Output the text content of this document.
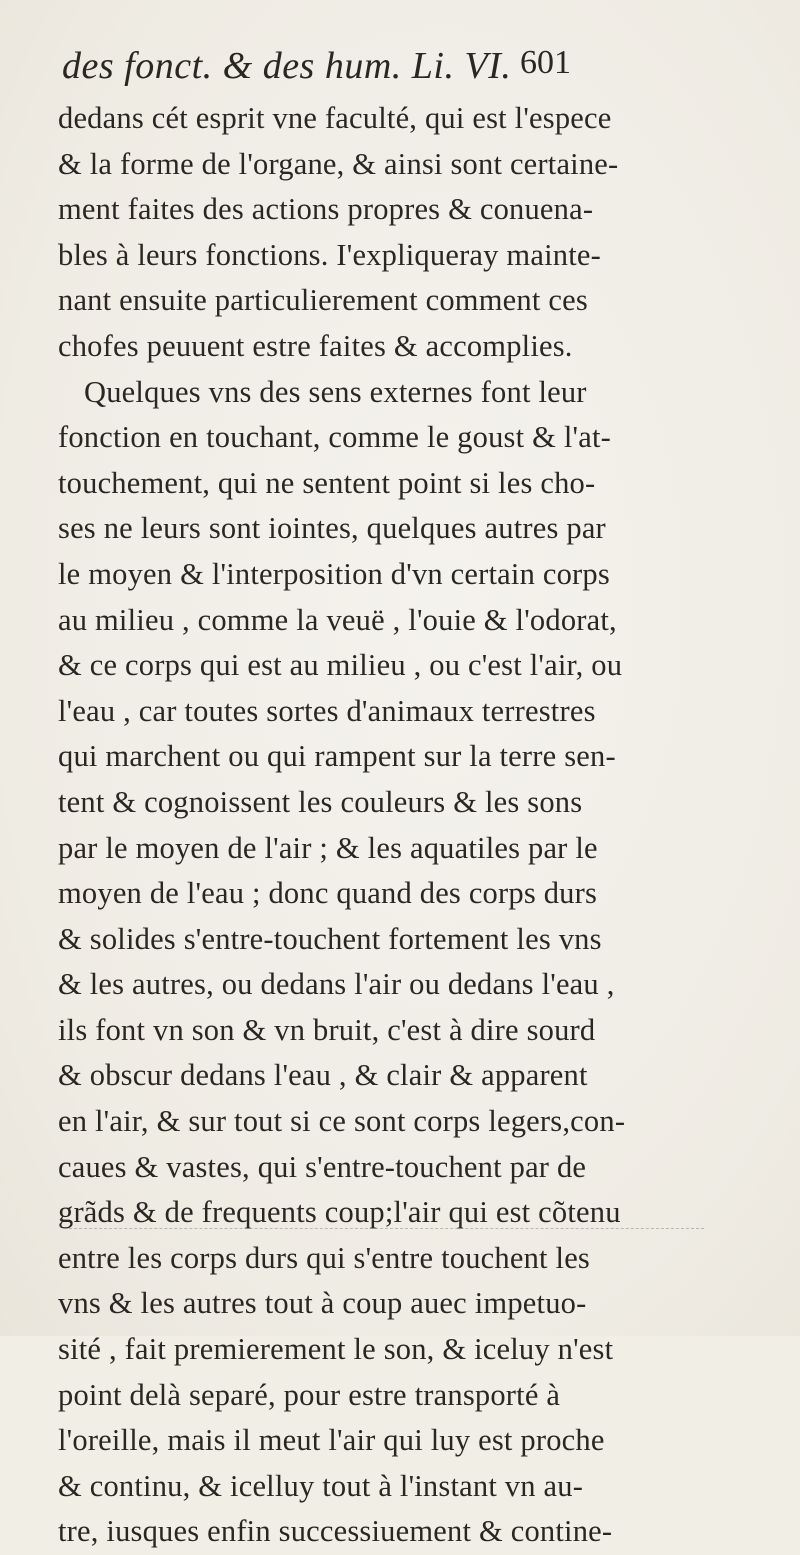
des fonct. & des hum. Li. VI. 601
dedans cét esprit vne faculté, qui est l'espece
& la forme de l'organe, & ainsi sont certaine-
ment faites des actions propres & conuena-
bles à leurs fonctions. I'expliqueray mainte-
nant ensuite particulierement comment ces
chofes peuuent estre faites & accomplies.
Quelques vns des sens externes font leur
fonction en touchant, comme le goust & l'at-
touchement, qui ne sentent point si les cho-
ses ne leurs sont iointes, quelques autres par
le moyen & l'interposition d'vn certain corps
au milieu , comme la veuë , l'ouie & l'odorat,
& ce corps qui est au milieu , ou c'est l'air, ou
l'eau , car toutes sortes d'animaux terrestres
qui marchent ou qui rampent sur la terre sen-
tent & cognoissent les couleurs & les sons
par le moyen de l'air ; & les aquatiles par le
moyen de l'eau ; donc quand des corps durs
& solides s'entre-touchent fortement les vns
& les autres, ou dedans l'air ou dedans l'eau ,
ils font vn son & vn bruit, c'est à dire sourd
& obscur dedans l'eau , & clair & apparent
en l'air, & sur tout si ce sont corps legers,con-
caues & vastes, qui s'entre-touchent par de
grãds & de frequents coup;l'air qui est cõtenu
entre les corps durs qui s'entre touchent les
vns & les autres tout à coup auec impetuo-
sité , fait premierement le son, & iceluy n'est
point delà separé, pour estre transporté à
l'oreille, mais il meut l'air qui luy est proche
& continu, & icelluy tout à l'instant vn au-
tre, iusques enfin successiuement & contine-
